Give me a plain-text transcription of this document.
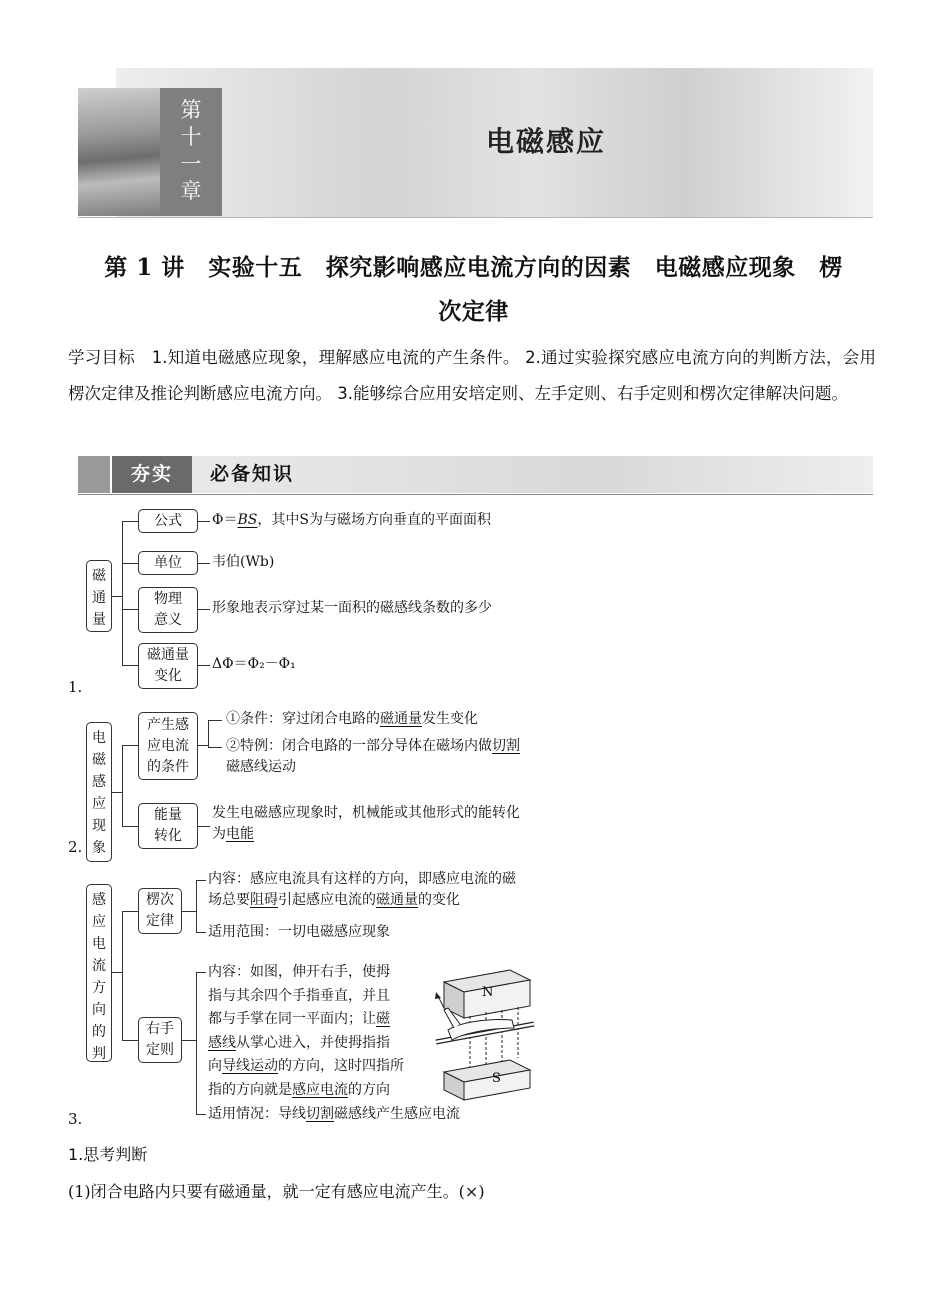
第
十
一
章
电磁感应
第 1 讲　实验十五　探究影响感应电流方向的因素　电磁感应现象　楞
次定律
学习目标　1.知道电磁感应现象，理解感应电流的产生条件。 2.通过实验探究感应电流方向的判断方法，会用楞次定律及推论判断感应电流方向。 3.能够综合应用安培定则、左手定则、右手定则和楞次定律解决问题。
夯实	必备知识
磁
通
量
公式
单位
物理
意义
磁通量
变化
Φ＝BS，其中S为与磁场方向垂直的平面面积
韦伯(Wb)
形象地表示穿过某一面积的磁感线条数的多少
ΔΦ＝Φ₂－Φ₁
1.
电
磁
感
应
现
象
产生感
应电流
的条件
能量
转化
①条件：穿过闭合电路的磁通量发生变化
②特例：闭合电路的一部分导体在磁场内做切割
磁感线运动
发生电磁感应现象时，机械能或其他形式的能转化
为电能
2.
感
应
电
流
方
向
的
判
楞次
定律
右手
定则
内容：感应电流具有这样的方向，即感应电流的磁
场总要阻碍引起感应电流的磁通量的变化
适用范围：一切电磁感应现象
内容：如图，伸开右手，使拇
指与其余四个手指垂直，并且
都与手掌在同一平面内；让磁
感线从掌心进入，并使拇指指
向导线运动的方向，这时四指所
指的方向就是感应电流的方向
适用情况：导线切割磁感线产生感应电流
N
S
3.
1.思考判断
(1)闭合电路内只要有磁通量，就一定有感应电流产生。(×)
